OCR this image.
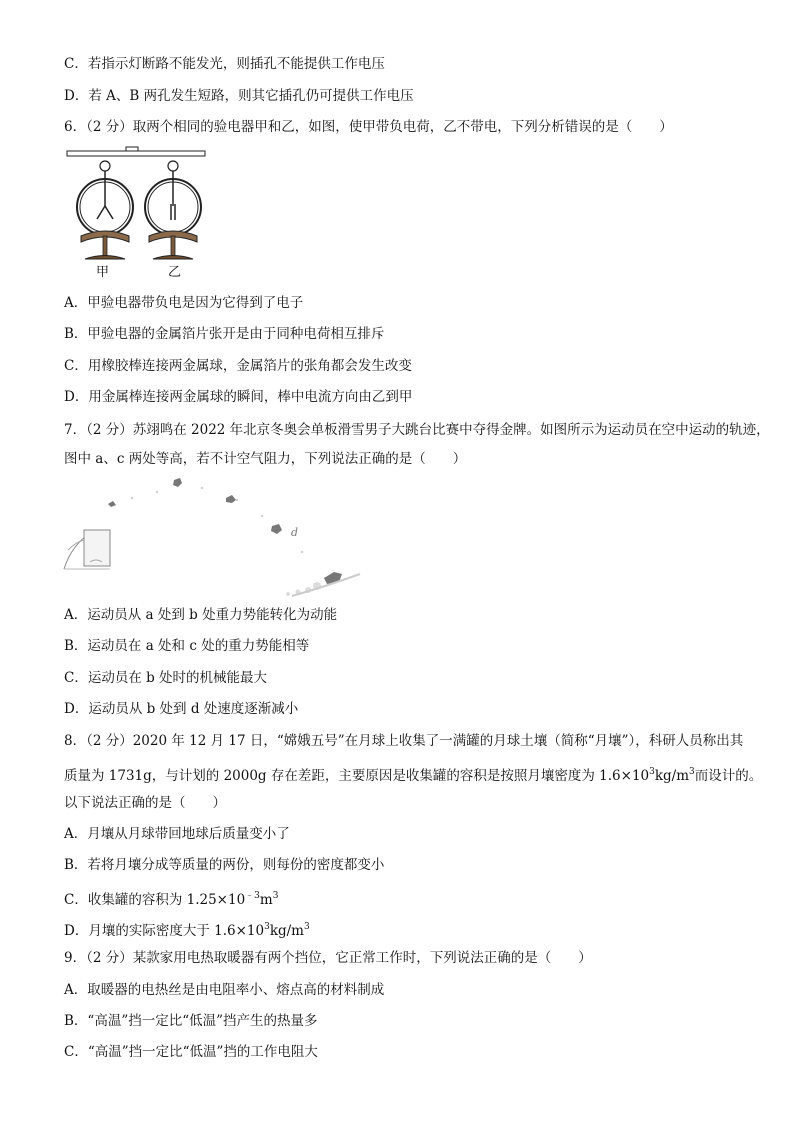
C．若指示灯断路不能发光，则插孔不能提供工作电压
D．若 A、B 两孔发生短路，则其它插孔仍可提供工作电压
6．（2 分）取两个相同的验电器甲和乙，如图，使甲带负电荷，乙不带电，下列分析错误的是（　　）
甲	乙
A．甲验电器带负电是因为它得到了电子
B．甲验电器的金属箔片张开是由于同种电荷相互排斥
C．用橡胶棒连接两金属球，金属箔片的张角都会发生改变
D．用金属棒连接两金属球的瞬间，棒中电流方向由乙到甲
7．（2 分）苏翊鸣在 2022 年北京冬奥会单板滑雪男子大跳台比赛中夺得金牌。如图所示为运动员在空中运动的轨迹，
图中 a、c 两处等高，若不计空气阻力，下列说法正确的是（　　）
d
A．运动员从 a 处到 b 处重力势能转化为动能
B．运动员在 a 处和 c 处的重力势能相等
C．运动员在 b 处时的机械能最大
D．运动员从 b 处到 d 处速度逐渐减小
8．（2 分）2020 年 12 月 17 日，“嫦娥五号”在月球上收集了一满罐的月球土壤（简称“月壤”），科研人员称出其
质量为 1731g，与计划的 2000g 存在差距，主要原因是收集罐的容积是按照月壤密度为 $1.6\times 10^3kg/m^3$而设计的。
以下说法正确的是（　　）
A．月壤从月球带回地球后质量变小了
B．若将月壤分成等质量的两份，则每份的密度都变小
C．收集罐的容积为 $1.25\times 10^{﹣3}m^3$
D．月壤的实际密度大于 $1.6\times 10^3kg/m^3$
9．（2 分）某款家用电热取暖器有两个挡位，它正常工作时，下列说法正确的是（　　）
A．取暖器的电热丝是由电阻率小、熔点高的材料制成
B．“高温”挡一定比“低温”挡产生的热量多
C．“高温”挡一定比“低温”挡的工作电阻大
